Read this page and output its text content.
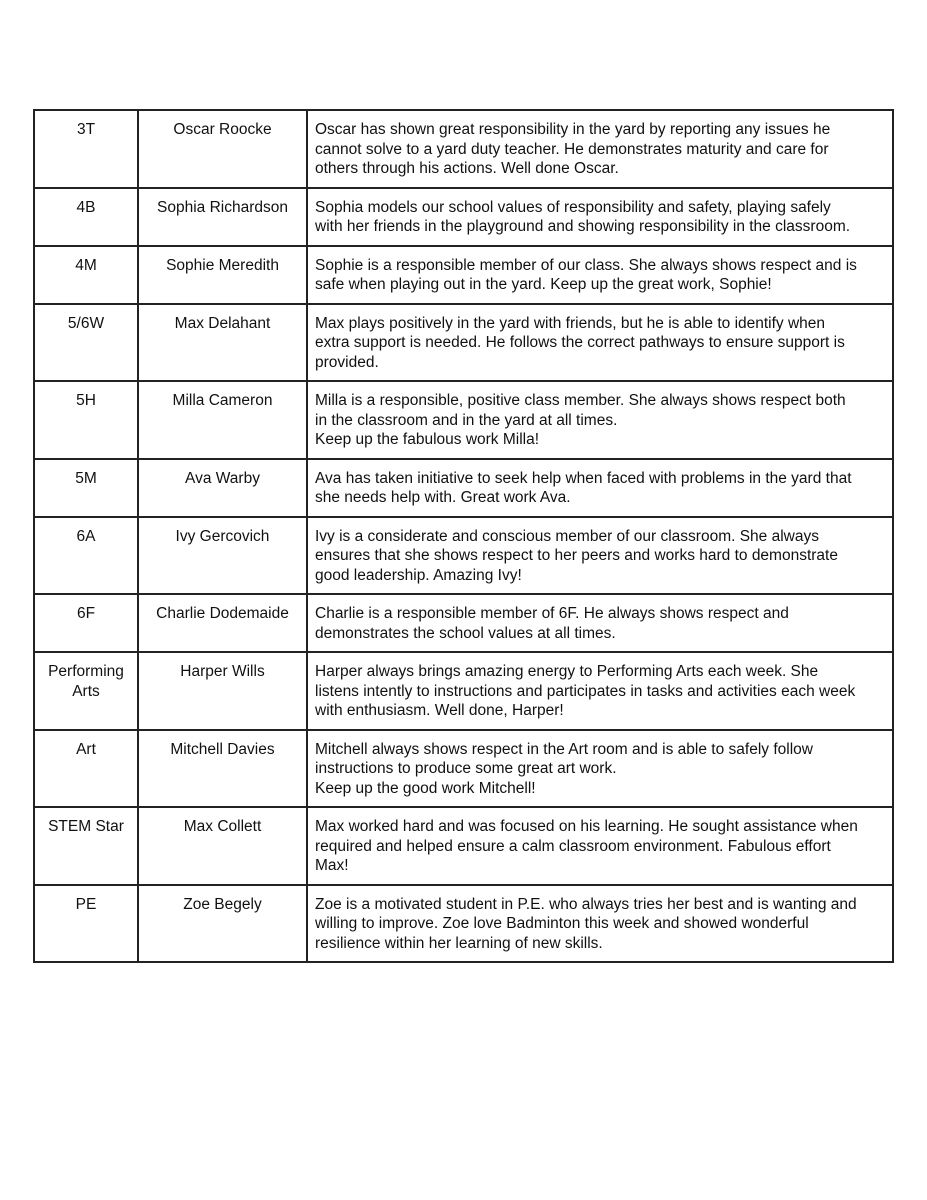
3T	Oscar Roocke	Oscar has shown great responsibility in the yard by reporting any issues he
cannot solve to a yard duty teacher. He demonstrates maturity and care for
others through his actions. Well done Oscar.

4B	Sophia Richardson	Sophia models our school values of responsibility and safety, playing safely
with her friends in the playground and showing responsibility in the classroom.

4M	Sophie Meredith	Sophie is a responsible member of our class. She always shows respect and is
safe when playing out in the yard. Keep up the great work, Sophie!

5/6W	Max Delahant	Max plays positively in the yard with friends, but he is able to identify when
extra support is needed. He follows the correct pathways to ensure support is
provided.

5H	Milla Cameron	Milla is a responsible, positive class member. She always shows respect both
in the classroom and in the yard at all times.
Keep up the fabulous work Milla!

5M	Ava Warby	Ava has taken initiative to seek help when faced with problems in the yard that
she needs help with. Great work Ava.

6A	Ivy Gercovich	Ivy is a considerate and conscious member of our classroom. She always
ensures that she shows respect to her peers and works hard to demonstrate
good leadership. Amazing Ivy!

6F	Charlie Dodemaide	Charlie is a responsible member of 6F. He always shows respect and
demonstrates the school values at all times.

Performing
Arts	Harper Wills	Harper always brings amazing energy to Performing Arts each week. She
listens intently to instructions and participates in tasks and activities each week
with enthusiasm. Well done, Harper!

Art	Mitchell Davies	Mitchell always shows respect in the Art room and is able to safely follow
instructions to produce some great art work.
Keep up the good work Mitchell!

STEM Star	Max Collett	Max worked hard and was focused on his learning. He sought assistance when
required and helped ensure a calm classroom environment. Fabulous effort
Max!

PE	Zoe Begely	Zoe is a motivated student in P.E. who always tries her best and is wanting and
willing to improve. Zoe love Badminton this week and showed wonderful
resilience within her learning of new skills.
